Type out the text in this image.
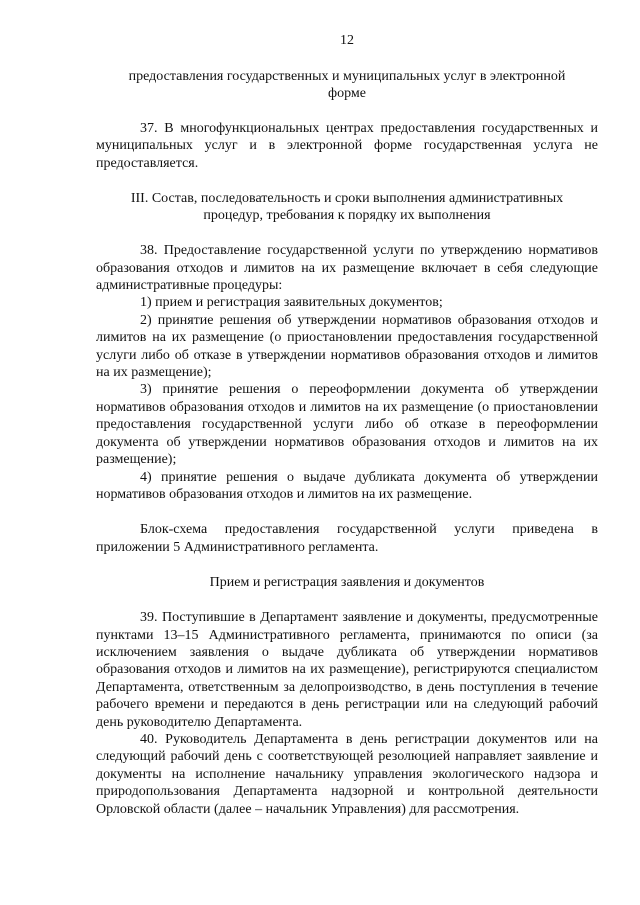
12
предоставления государственных и муниципальных услуг в электронной
форме

37. В многофункциональных центрах предоставления государственных и муниципальных услуг и в электронной форме государственная услуга не предоставляется.

III. Состав, последовательность и сроки выполнения административных
процедур, требования к порядку их выполнения

38. Предоставление государственной услуги по утверждению нормативов образования отходов и лимитов на их размещение включает в себя следующие административные процедуры:

1) прием и регистрация заявительных документов;

2) принятие решения об утверждении нормативов образования отходов и лимитов на их размещение (о приостановлении предоставления государственной услуги либо об отказе в утверждении нормативов образования отходов и лимитов на их размещение);

3) принятие решения о переоформлении документа об утверждении нормативов образования отходов и лимитов на их размещение (о приостановлении предоставления государственной услуги либо об отказе в переоформлении документа об утверждении нормативов образования отходов и лимитов на их размещение);

4) принятие решения о выдаче дубликата документа об утверждении нормативов образования отходов и лимитов на их размещение.

Блок-схема предоставления государственной услуги приведена в приложении 5 Административного регламента.

Прием и регистрация заявления и документов

39. Поступившие в Департамент заявление и документы, предусмотренные пунктами 13–15 Административного регламента, принимаются по описи (за исключением заявления о выдаче дубликата об утверждении нормативов образования отходов и лимитов на их размещение), регистрируются специалистом Департамента, ответственным за делопроизводство, в день поступления в течение рабочего времени и передаются в день регистрации или на следующий рабочий день руководителю Департамента.

40. Руководитель Департамента в день регистрации документов или на следующий рабочий день с соответствующей резолюцией направляет заявление и документы на исполнение начальнику управления экологического надзора и природопользования Департамента надзорной и контрольной деятельности Орловской области (далее – начальник Управления) для рассмотрения.
